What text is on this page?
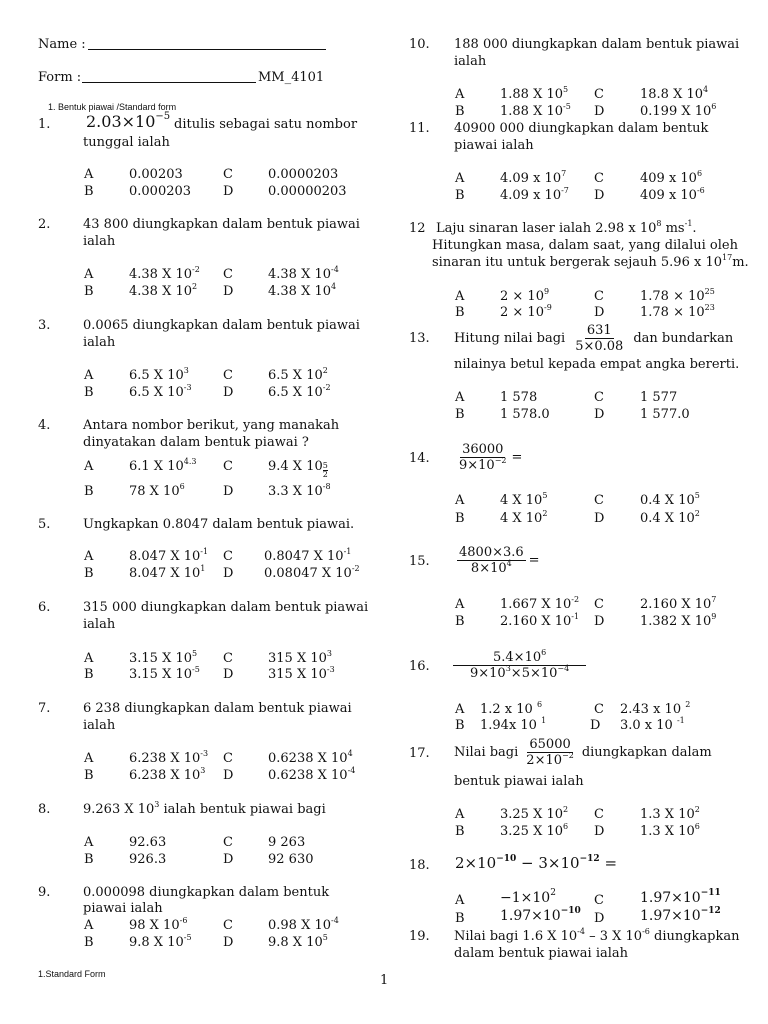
Name :
Form :	MM_4101
1. Bentuk piawai /Standard form
1. $2.03\times 10^{-5}$
ditulis sebagai satu nombor
tunggal ialah
A	0.00203	C	0.0000203
B	0.000203 D	0.00000203
2.	43 800 diungkapkan dalam bentuk piawai
ialah
A	4.38 X $10^{-2}$ C	4.38 X $10^{-4}$
B	4.38 X $10^2$ D	4.38 X $10^4$
3.	0.0065 diungkapkan dalam bentuk piawai
ialah
A	6.5 X $10^3$	C	6.5 X $10^2$
B	6.5 X $10^{-3}$ D	6.5 X $10^{-2}$
4.	Antara nombor berikut, yang manakah
dinyatakan dalam bentuk piawai ?
A	6.1 X $10^{4.3}$ C	9.4 X $10 \frac{5}{2}$
B	78 X $10^6$	D	3.3 X $10^{-8}$
5.	Ungkapkan 0.8047 dalam bentuk piawai.
A	8.047 X $10^{-1}$ C 0.8047 X $10^{-1}$
B	8.047 X $10^1$ D 0.08047 X $10^{-2}$
6.	315 000 diungkapkan dalam bentuk piawai
ialah
A	3.15 X $10^5$ C	315 X $10^3$
B	3.15 X $10^{-5}$ D	315 X $10^{-3}$
7.	6 238 diungkapkan dalam bentuk piawai
ialah
A	6.238 X $10^{-3}$ C	0.6238 X $10^4$
B	6.238 X $10^3$ D	0.6238 X $10^{-4}$
8.	9.263 X $10^3$ ialah bentuk piawai bagi
A	92.63	C	9 263
B	926.3	D	92 630
9.	0.000098 diungkapkan dalam bentuk
piawai ialah
A	98 X $10^{-6}$	C	0.98 X $10^{-4}$
B	9.8 X $10^{-5}$ D	9.8 X $10^5$
10. 188 000 diungkapkan dalam bentuk piawai
ialah
A	1.88 X $10^5$ C	18.8 X $10^4$
B	1.88 X $10^{-5}$ D	0.199 X $10^6$
11. 40900 000 diungkapkan dalam bentuk
piawai ialah
A	4.09 x $10^7$ C	409 x $10^6$
B	4.09 x $10^{-7}$ D	409 x $10^{-6}$
12 Laju sinaran laser ialah 2.98 x $10^8$ $ms^{-1}$.
Hitungkan masa, dalam saat, yang dilalui oleh
sinaran itu untuk bergerak sejauh 5.96 x $10^{17}m$.
A	$2 \times 10^9$	C	$1.78 \times 10^{25}$
B	$2 \times 10^{-9}$	D	$1.78 \times 10^{23}$
13. Hitung nilai bagi $\frac{631}{5\times 0.08}$ dan bundarkan
nilainya betul kepada empat angka bererti.
A	1 578	C	1 577
B	1 578.0	D	1 577.0
14. $\frac{36000}{9\times 10^{-2}}$ =
A	4 X $10^5$	C	0.4 X $10^5$
B	4 X $10^2$	D	0.4 X $10^2$
15. $\frac{4800\times 3.6}{8\times 10^4}$ =
A	1.667 X $10^{-2}$ C	2.160 X $10^7$
B	2.160 X $10^{-1}$ D	1.382 X $10^9$
16. $\frac{5.4\times 10^6}{9\times 10^3\times 5\times 10^{-4}}$
A 1.2 x 10 $^6$	C 2.43 x 10 $^2$
B 1.94x 10 $^1$	D 3.0 x 10 $^{-1}$
17. Nilai bagi $\frac{65000}{2\times 10^{-2}}$ diungkapkan dalam
bentuk piawai ialah
A	3.25 X $10^2$ C	1.3 X $10^2$
B	3.25 X $10^6$ D	1.3 X $10^6$
18. $2\times 10^{-10} - 3\times 10^{-12}$ =
A	$-1\times 10^2$	C	$1.97\times 10^{-11}$
B	$1.97\times 10^{-10}$ D	$1.97\times 10^{-12}$
19. Nilai bagi 1.6 X $10^{-4} - 3$ X $10^{-6}$ diungkapkan
dalam bentuk piawai ialah
1.Standard Form	1
